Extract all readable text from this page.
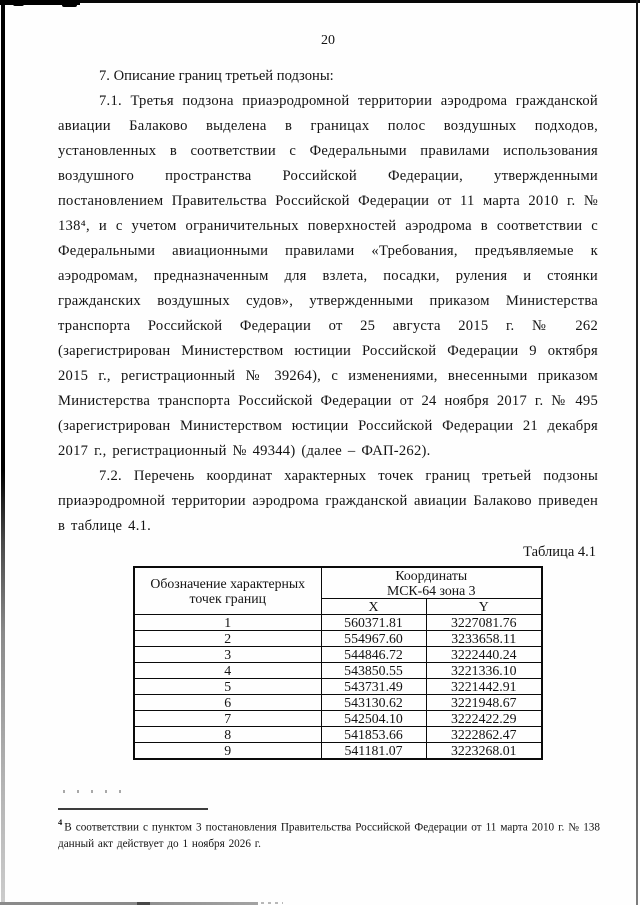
20

7. Описание границ третьей подзоны:

7.1. Третья подзона приаэродромной территории аэродрома гражданской авиации Балаково выделена в границах полос воздушных подходов, установленных в соответствии с Федеральными правилами использования воздушного пространства Российской Федерации, утвержденными постановлением Правительства Российской Федерации от 11 марта 2010 г. № 138⁴, и с учетом ограничительных поверхностей аэродрома в соответствии с Федеральными авиационными правилами «Требования, предъявляемые к аэродромам, предназначенным для взлета, посадки, руления и стоянки гражданских воздушных судов», утвержденными приказом Министерства транспорта Российской Федерации от 25 августа 2015 г. № 262 (зарегистрирован Министерством юстиции Российской Федерации 9 октября 2015 г., регистрационный № 39264), с изменениями, внесенными приказом Министерства транспорта Российской Федерации от 24 ноября 2017 г. № 495 (зарегистрирован Министерством юстиции Российской Федерации 21 декабря 2017 г., регистрационный № 49344) (далее – ФАП-262).

7.2. Перечень координат характерных точек границ третьей подзоны приаэродромной территории аэродрома гражданской авиации Балаково приведен в таблице 4.1.

Таблица 4.1
Обозначение характерных точек границ	Координаты
МСК-64 зона 3	

	X	Y
1	560371.81	3227081.76
2	554967.60	3233658.11
3	544846.72	3222440.24
4	543850.55	3221336.10
5	543731.49	3221442.91
6	543130.62	3221948.67
7	542504.10	3222422.29
8	541853.66	3222862.47
9	541181.07	3223268.01

$^4$ В соответствии с пунктом 3 постановления Правительства Российской Федерации от 11 марта 2010 г. № 138 данный акт действует до 1 ноября 2026 г.
